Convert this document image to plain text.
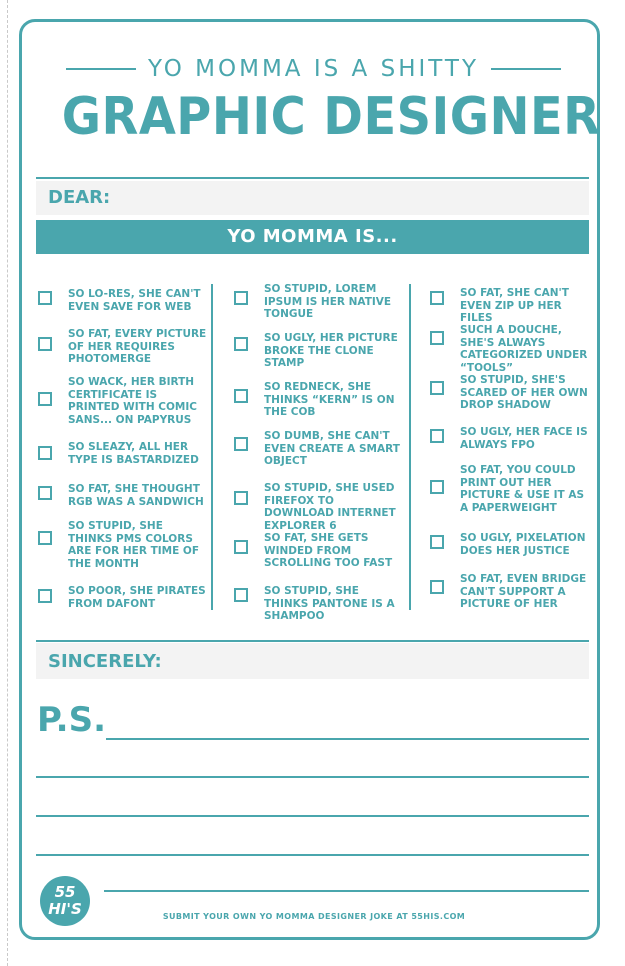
YO MOMMA IS A SHITTY
GRAPHIC DESIGNER
DEAR:
YO MOMMA IS...
SO LO-RES, SHE CAN'T EVEN SAVE FOR WEB
SO FAT, EVERY PICTURE OF HER REQUIRES PHOTOMERGE
SO WACK, HER BIRTH CERTIFICATE IS PRINTED WITH COMIC SANS... ON PAPYRUS
SO SLEAZY, ALL HER TYPE IS BASTARDIZED
SO FAT, SHE THOUGHT RGB WAS A SANDWICH
SO STUPID, SHE THINKS PMS COLORS ARE FOR HER TIME OF THE MONTH
SO POOR, SHE PIRATES FROM DAFONT
SO STUPID, LOREM IPSUM IS HER NATIVE TONGUE
SO UGLY, HER PICTURE BROKE THE CLONE STAMP
SO REDNECK, SHE THINKS “KERN” IS ON THE COB
SO DUMB, SHE CAN'T EVEN CREATE A SMART OBJECT
SO STUPID, SHE USED FIREFOX TO DOWNLOAD INTERNET EXPLORER 6
SO FAT, SHE GETS WINDED FROM SCROLLING TOO FAST
SO STUPID, SHE THINKS PANTONE IS A SHAMPOO
SO FAT, SHE CAN'T EVEN ZIP UP HER FILES
SUCH A DOUCHE, SHE'S ALWAYS CATEGORIZED UNDER “TOOLS”
SO STUPID, SHE'S SCARED OF HER OWN DROP SHADOW
SO UGLY, HER FACE IS ALWAYS FPO
SO FAT, YOU COULD PRINT OUT HER PICTURE & USE IT AS A PAPERWEIGHT
SO UGLY, PIXELATION DOES HER JUSTICE
SO FAT, EVEN BRIDGE CAN'T SUPPORT A PICTURE OF HER
SINCERELY:
P.S.
55
HI'S	SUBMIT YOUR OWN YO MOMMA DESIGNER JOKE AT 55HIS.COM
